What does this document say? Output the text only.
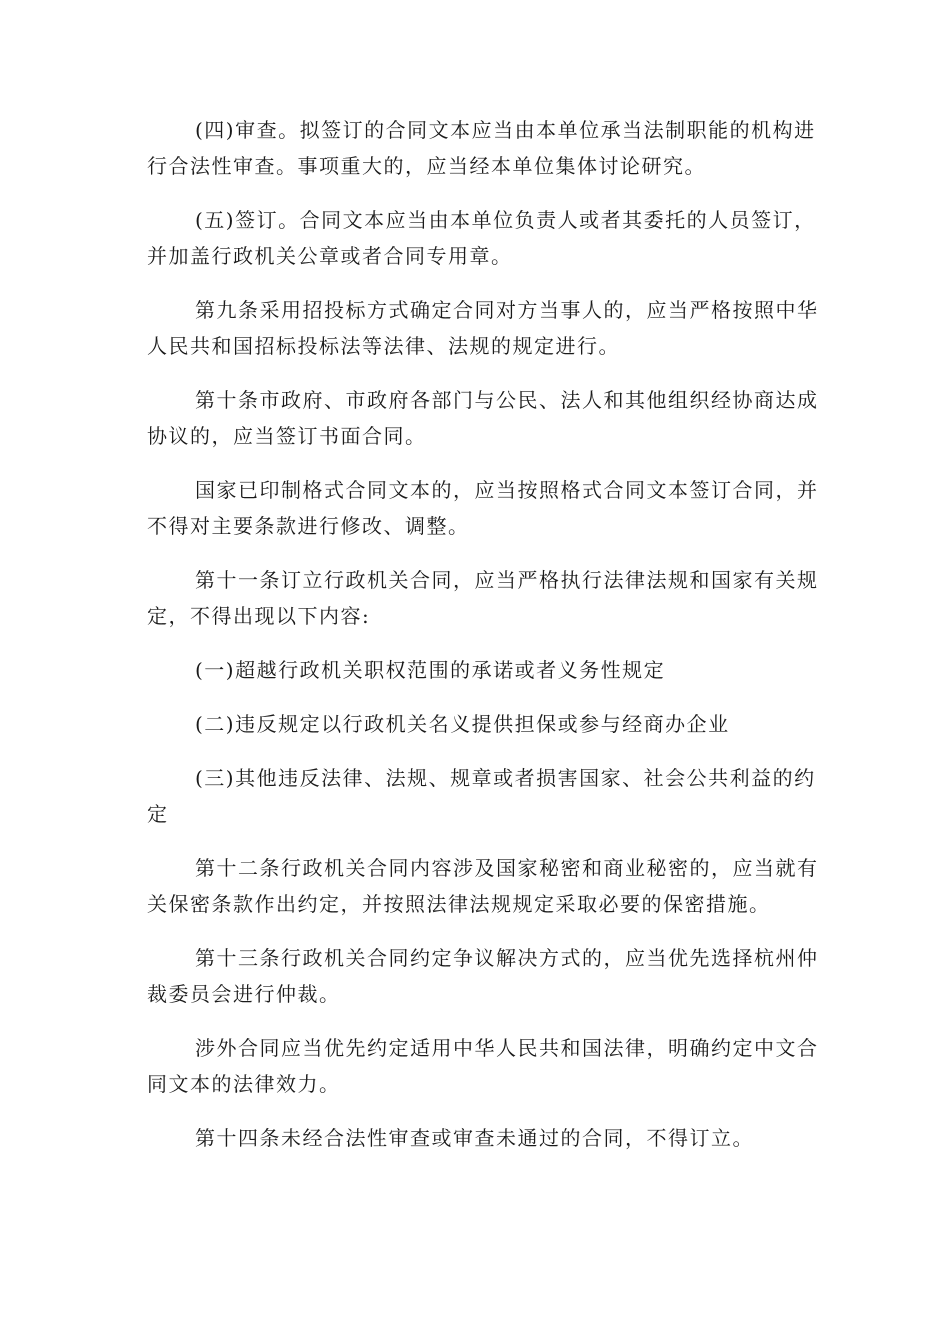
(四)审查。拟签订的合同文本应当由本单位承当法制职能的机构进行合法性审查。事项重大的，应当经本单位集体讨论研究。

(五)签订。合同文本应当由本单位负责人或者其委托的人员签订，并加盖行政机关公章或者合同专用章。

第九条采用招投标方式确定合同对方当事人的，应当严格按照中华人民共和国招标投标法等法律、法规的规定进行。

第十条市政府、市政府各部门与公民、法人和其他组织经协商达成协议的，应当签订书面合同。

国家已印制格式合同文本的，应当按照格式合同文本签订合同，并不得对主要条款进行修改、调整。

第十一条订立行政机关合同，应当严格执行法律法规和国家有关规定，不得出现以下内容:

(一)超越行政机关职权范围的承诺或者义务性规定

(二)违反规定以行政机关名义提供担保或参与经商办企业

(三)其他违反法律、法规、规章或者损害国家、社会公共利益的约定

第十二条行政机关合同内容涉及国家秘密和商业秘密的，应当就有关保密条款作出约定，并按照法律法规规定采取必要的保密措施。

第十三条行政机关合同约定争议解决方式的，应当优先选择杭州仲裁委员会进行仲裁。

涉外合同应当优先约定适用中华人民共和国法律，明确约定中文合同文本的法律效力。

第十四条未经合法性审查或审查未通过的合同，不得订立。
